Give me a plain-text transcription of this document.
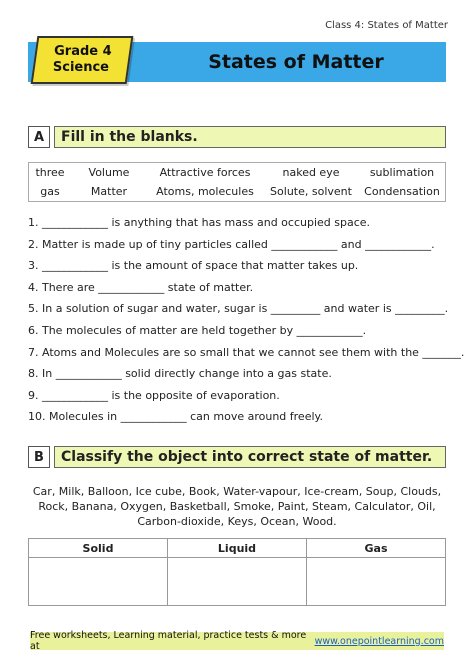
Class 4: States of Matter
Grade 4
Science	States of Matter
A	Fill in the blanks.
three	Volume	Attractive forces	naked eye	sublimation
gas	Matter	Atoms, molecules	Solute, solvent	Condensation
1. ____________ is anything that has mass and occupied space.
2. Matter is made up of tiny particles called ____________ and ____________.
3. ____________ is the amount of space that matter takes up.
4. There are ____________ state of matter.
5. In a solution of sugar and water, sugar is _________ and water is _________.
6. The molecules of matter are held together by ____________.
7. Atoms and Molecules are so small that we cannot see them with the _______.
8. In ____________ solid directly change into a gas state.
9. ____________ is the opposite of evaporation.
10. Molecules in ____________ can move around freely.
B	Classify the object into correct state of matter.
Car, Milk, Balloon, Ice cube, Book, Water-vapour, Ice-cream, Soup, Clouds, Rock, Banana, Oxygen, Basketball, Smoke, Paint, Steam, Calculator, Oil, Carbon-dioxide, Keys, Ocean, Wood.
Solid	Liquid	Gas
Free worksheets, Learning material, practice tests & more at	www.onepointlearning.com
